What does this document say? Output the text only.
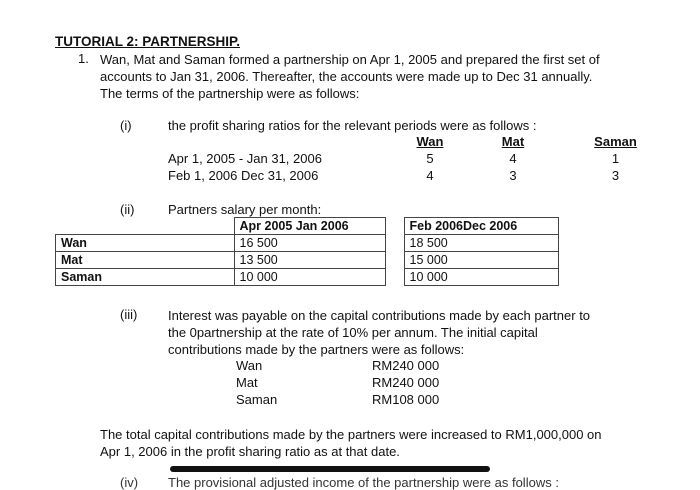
TUTORIAL 2: PARTNERSHIP.
1. Wan, Mat and Saman formed a partnership on Apr 1, 2005 and prepared the first set of
accounts to Jan 31, 2006. Thereafter, the accounts were made up to Dec 31 annually.
The terms of the partnership were as follows:
(i)	the profit sharing ratios for the relevant periods were as follows :
Wan	Mat	Saman
Apr 1, 2005 - Jan 31, 2006	5	4	1
Feb 1, 2006 Dec 31, 2006	4	3	3
(ii)	Partners salary per month:
	Apr 2005 Jan 2006		Feb 2006Dec 2006
Wan	16 500		18 500
Mat	13 500		15 000
Saman	10 000		10 000
(iii) Interest was payable on the capital contributions made by each partner to
the 0partnership at the rate of 10% per annum. The initial capital
contributions made by the partners were as follows:
Wan	RM240 000
Mat	RM240 000
Saman	RM108 000
The total capital contributions made by the partners were increased to RM1,000,000 on
Apr 1, 2006 in the profit sharing ratio as at that date.
(iv) The provisional adjusted income of the partnership were as follows :
